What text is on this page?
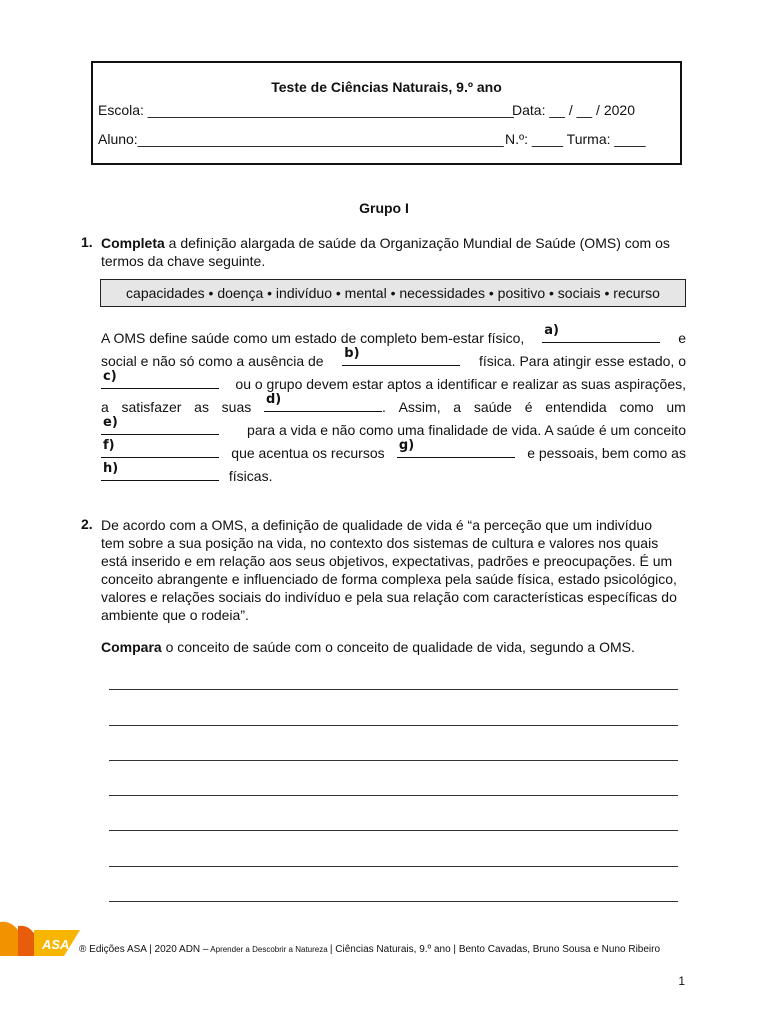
Teste de Ciências Naturais, 9.º ano
Escola: _______________________________________________
Data: __ / __ / 2020
Aluno:_______________________________________________ N.º: ____ Turma: ____
Grupo I
1. Completa a definição alargada de saúde da Organização Mundial de Saúde (OMS) com os
termos da chave seguinte.
capacidades • doença • indivíduo • mental • necessidades • positivo • sociais • recurso
A OMS define saúde como um estado de completo bem-estar físico, a)	e
social e não só como a ausência de b)	física. Para atingir esse estado, o
c)	ou o grupo devem estar aptos a identificar e realizar as suas aspirações,
a satisfazer as suas d)	. Assim, a saúde é entendida como um
e)	para a vida e não como uma finalidade de vida. A saúde é um conceito
f)	que acentua os recursos g)	e pessoais, bem como as
h)	físicas.
2. De acordo com a OMS, a definição de qualidade de vida é “a perceção que um indivíduo
tem sobre a sua posição na vida, no contexto dos sistemas de cultura e valores nos quais
está inserido e em relação aos seus objetivos, expectativas, padrões e preocupações. É um
conceito abrangente e influenciado de forma complexa pela saúde física, estado psicológico,
valores e relações sociais do indivíduo e pela sua relação com características específicas do
ambiente que o rodeia”.
Compara o conceito de saúde com o conceito de qualidade de vida, segundo a OMS.
ASA ® Edições ASA | 2020 ADN – Aprender a Descobrir a Natureza | Ciências Naturais, 9.º ano | Bento Cavadas, Bruno Sousa e Nuno Ribeiro
1
